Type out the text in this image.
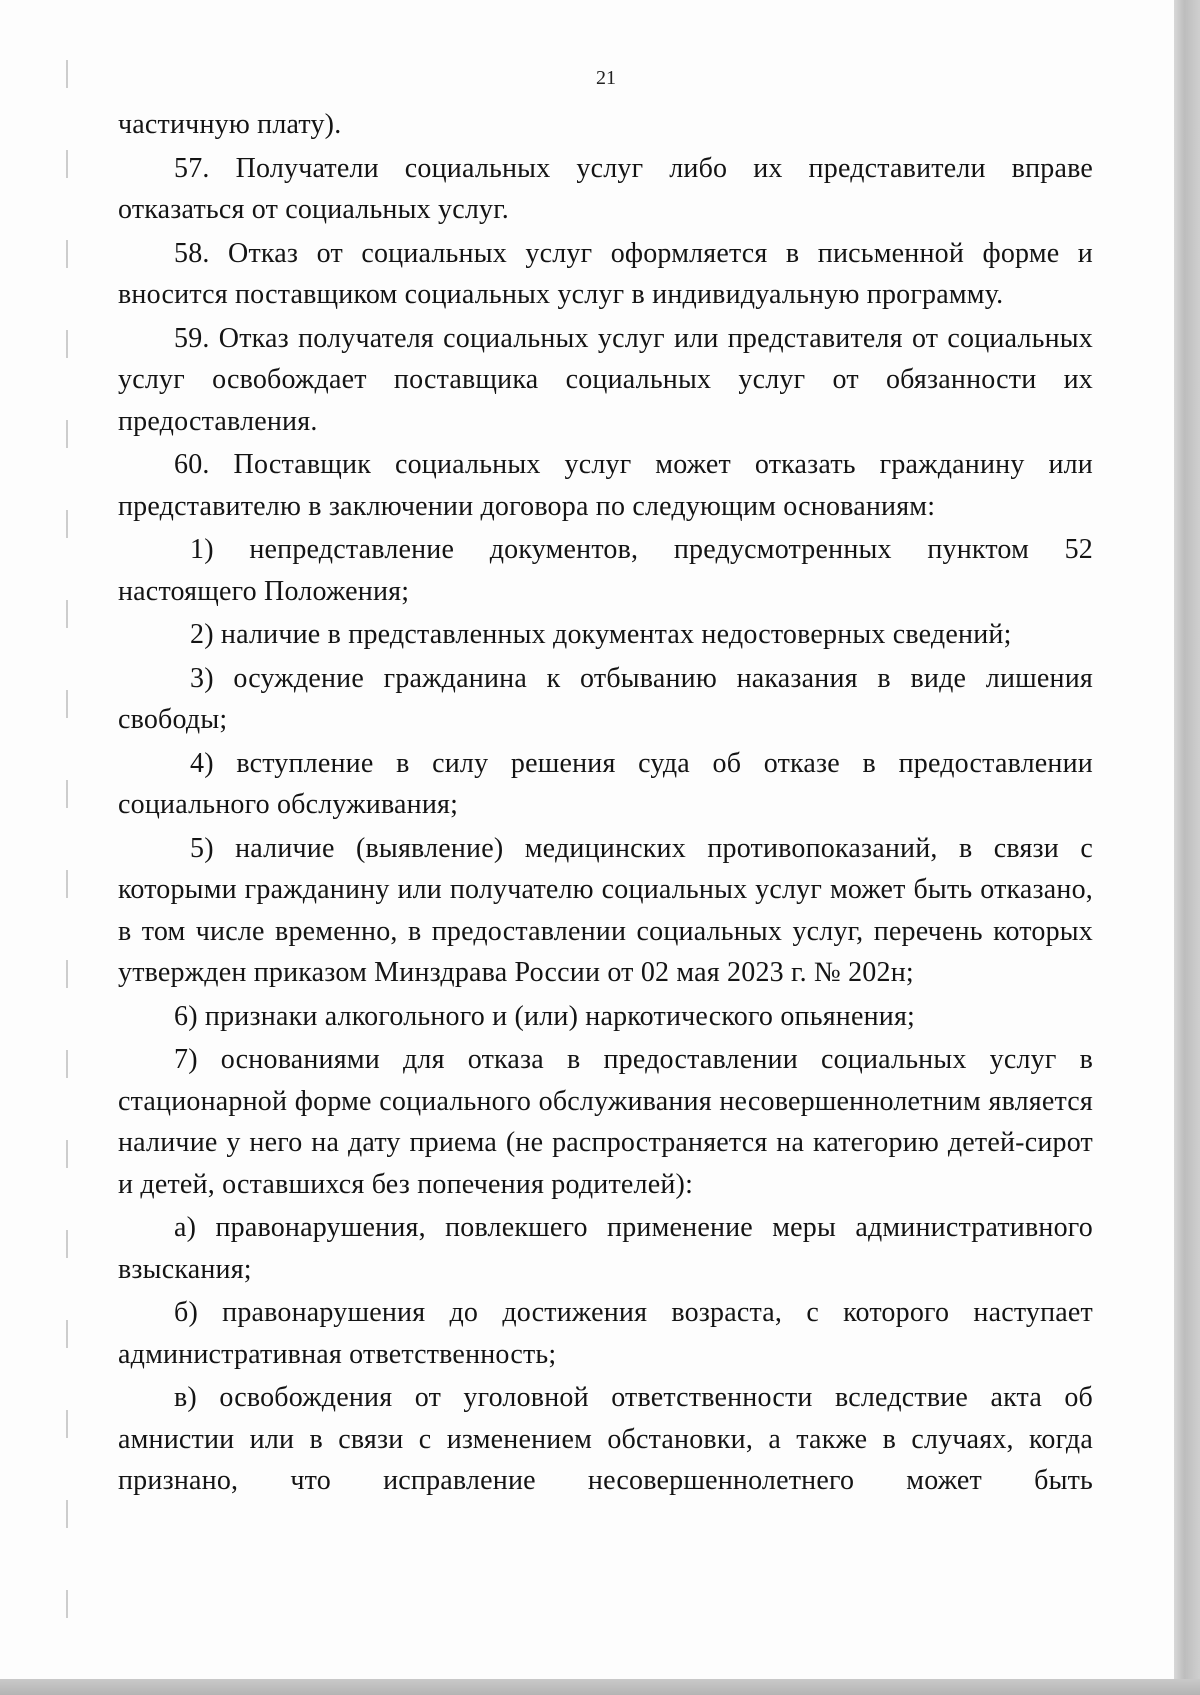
21

частичную плату).

57. Получатели социальных услуг либо их представители вправе отказаться от социальных услуг.

58. Отказ от социальных услуг оформляется в письменной форме и вносится поставщиком социальных услуг в индивидуальную программу.

59. Отказ получателя социальных услуг или представителя от социальных услуг освобождает поставщика социальных услуг от обязанности их предоставления.

60. Поставщик социальных услуг может отказать гражданину или представителю в заключении договора по следующим основаниям:

1) непредставление документов, предусмотренных пунктом 52 настоящего Положения;

2) наличие в представленных документах недостоверных сведений;

3) осуждение гражданина к отбыванию наказания в виде лишения свободы;

4) вступление в силу решения суда об отказе в предоставлении социального обслуживания;

5) наличие (выявление) медицинских противопоказаний, в связи с которыми гражданину или получателю социальных услуг может быть отказано, в том числе временно, в предоставлении социальных услуг, перечень которых утвержден приказом Минздрава России от 02 мая 2023 г. № 202н;

6) признаки алкогольного и (или) наркотического опьянения;

7) основаниями для отказа в предоставлении социальных услуг в стационарной форме социального обслуживания несовершеннолетним является наличие у него на дату приема (не распространяется на категорию детей-сирот и детей, оставшихся без попечения родителей):

а) правонарушения, повлекшего применение меры административного взыскания;

б) правонарушения до достижения возраста, с которого наступает административная ответственность;

в) освобождения от уголовной ответственности вследствие акта об амнистии или в связи с изменением обстановки, а также в случаях, когда признано, что исправление несовершеннолетнего может быть
